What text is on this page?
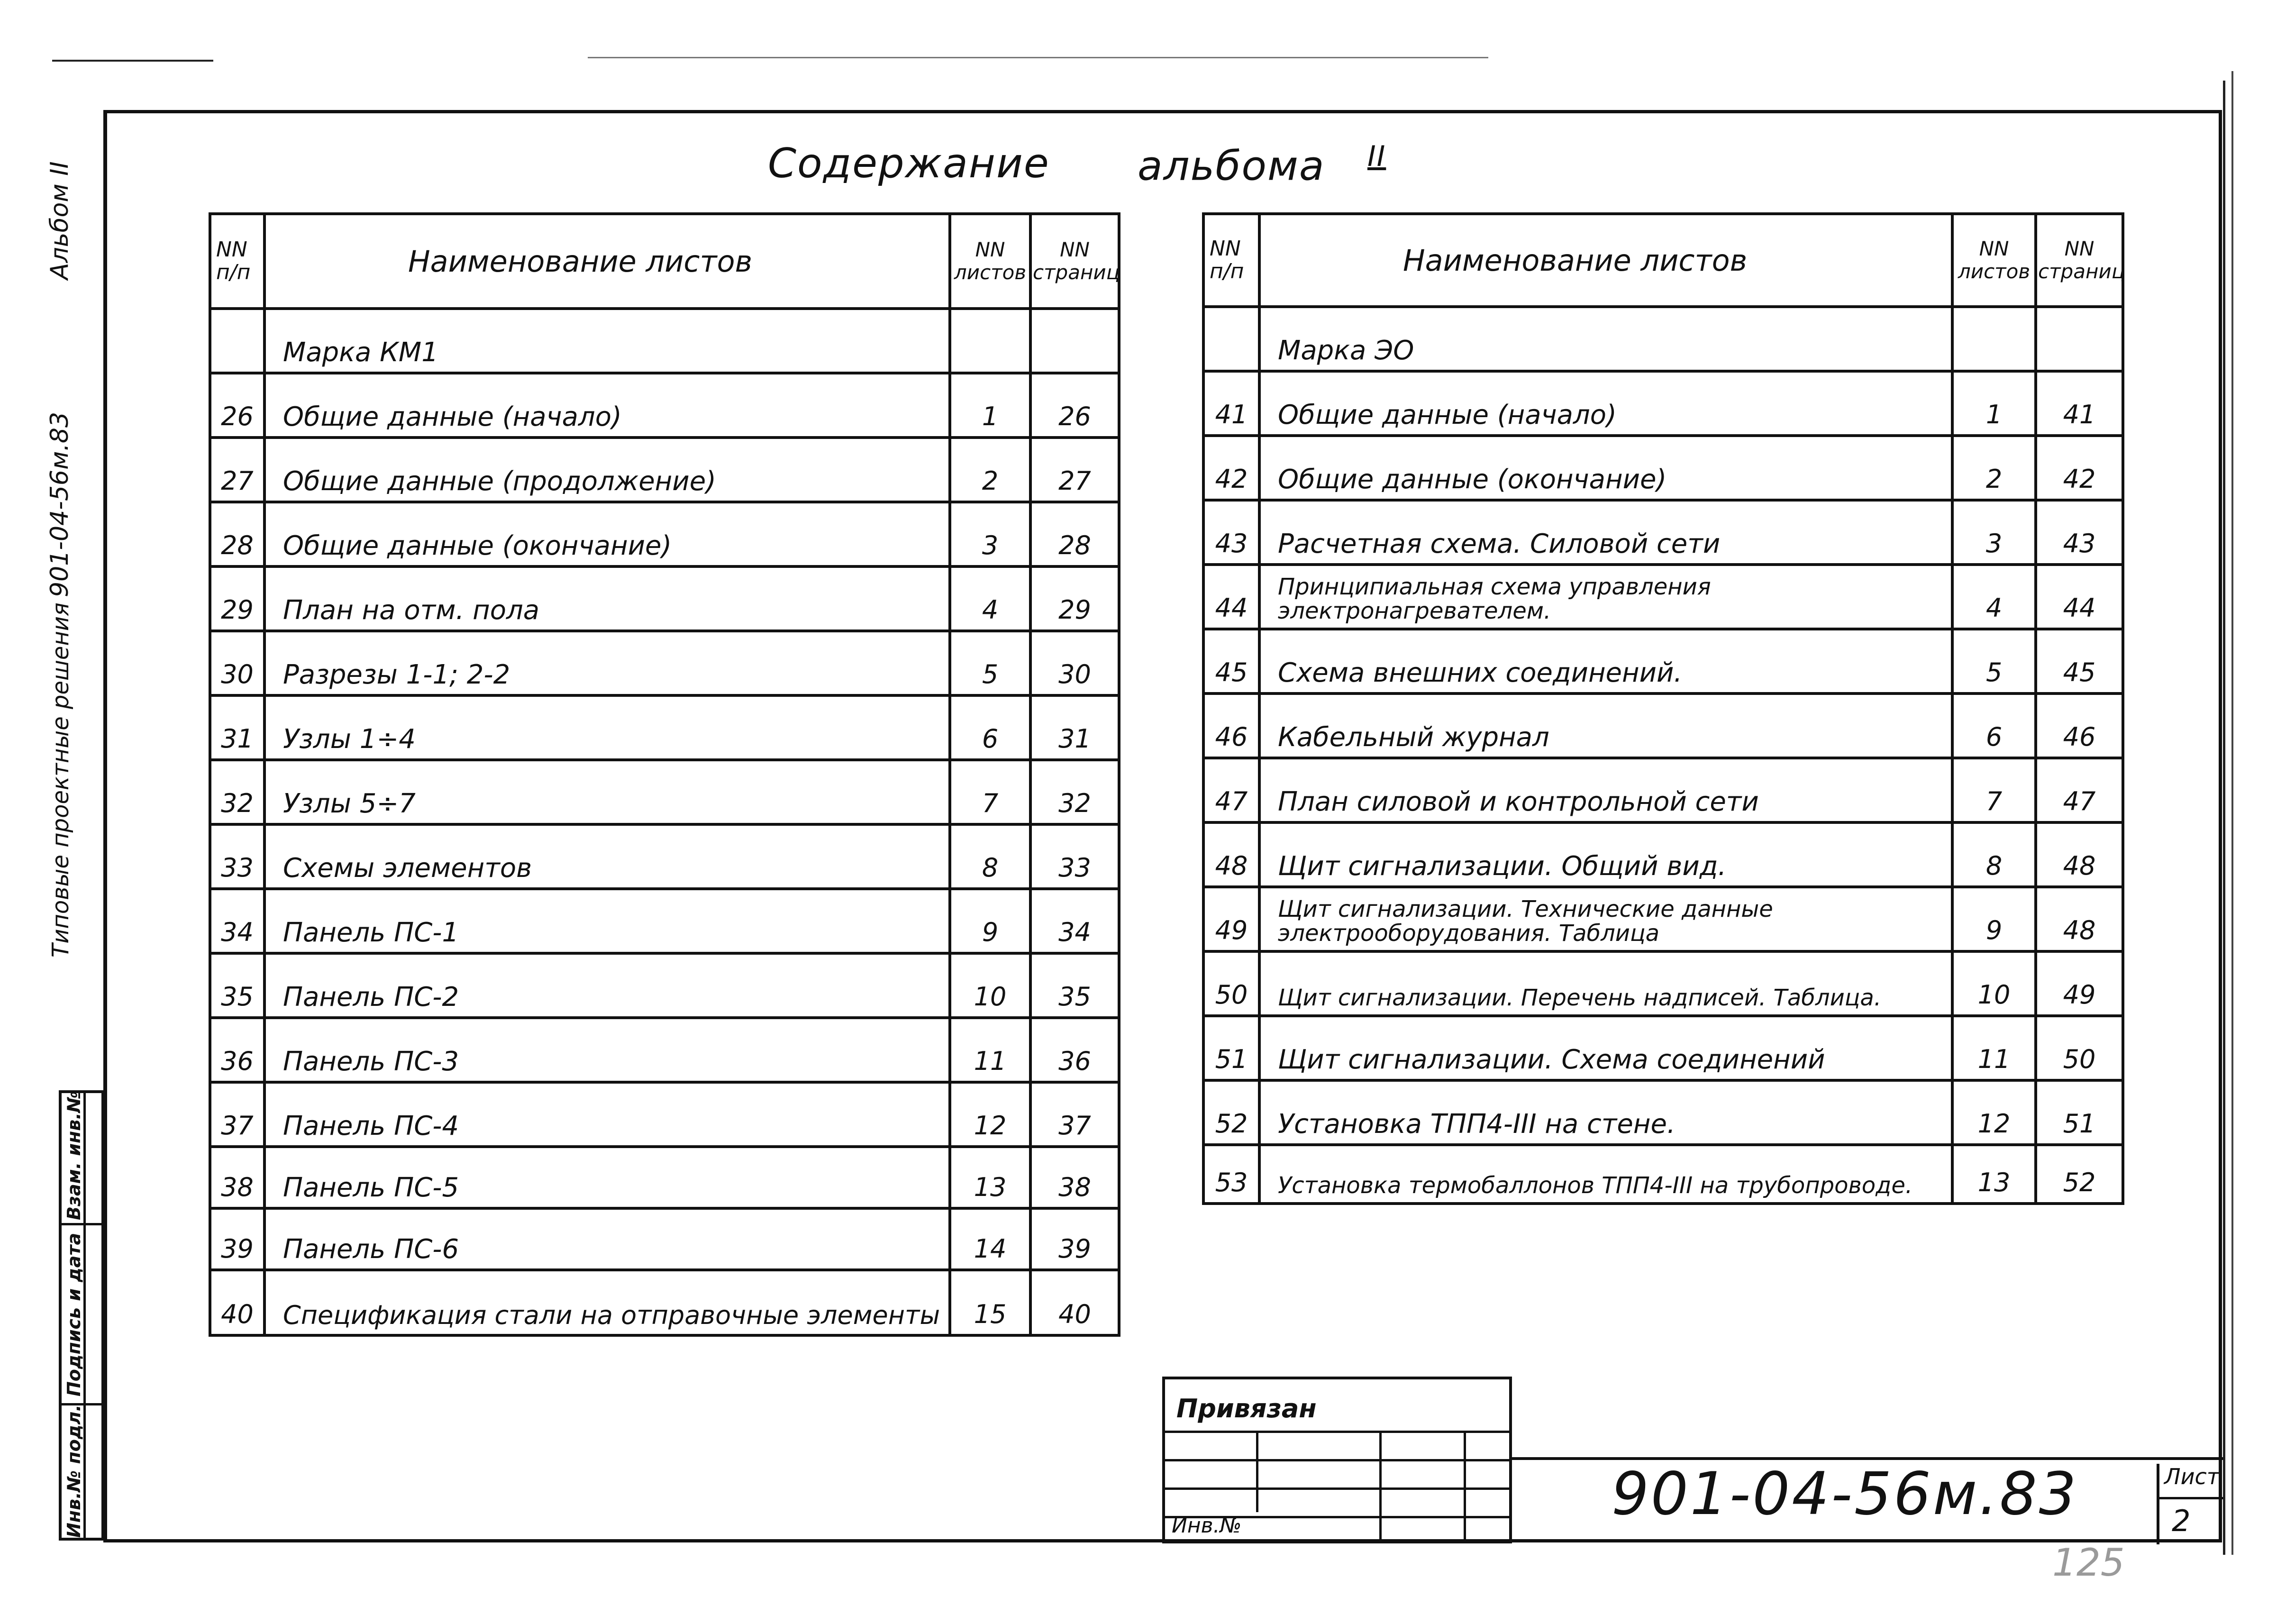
Альбом II
901-04-56м.83
Типовые проектные решения
Взам. инв.№
Подпись и дата
Инв.№ подл.
Содержание альбома $^{II}$
NN п/п	Наименование листов	NN листов	NN страниц
	Марка КМ1		
26	Общие данные (начало)	1	26
27	Общие данные (продолжение)	2	27
28	Общие данные (окончание)	3	28
29	План на отм. пола	4	29
30	Разрезы 1-1; 2-2	5	30
31	Узлы 1÷4	6	31
32	Узлы 5÷7	7	32
33	Схемы элементов	8	33
34	Панель ПС-1	9	34
35	Панель ПС-2	10	35
36	Панель ПС-3	11	36
37	Панель ПС-4	12	37
38	Панель ПС-5	13	38
39	Панель ПС-6	14	39
40	Спецификация стали на отправочные элементы	15	40
NN п/п	Наименование листов	NN листов	NN страниц
	Марка ЭО		
41	Общие данные (начало)	1	41
42	Общие данные (окончание)	2	42
43	Расчетная схема. Силовой сети	3	43
44	Принципиальная схема управления электронагревателем.	4	44
45	Схема внешних соединений.	5	45
46	Кабельный журнал	6	46
47	План силовой и контрольной сети	7	47
48	Щит сигнализации. Общий вид.	8	48
49	Щит сигнализации. Технические данные электрооборудования. Таблица	9	48
50	Щит сигнализации. Перечень надписей. Таблица.	10	49
51	Щит сигнализации. Схема соединений	11	50
52	Установка ТПП4-III на стене.	12	51
53	Установка термобаллонов ТПП4-III на трубопроводе.	13	52
Привязан
Инв.№	901-04-56м.83	Лист
2
125
